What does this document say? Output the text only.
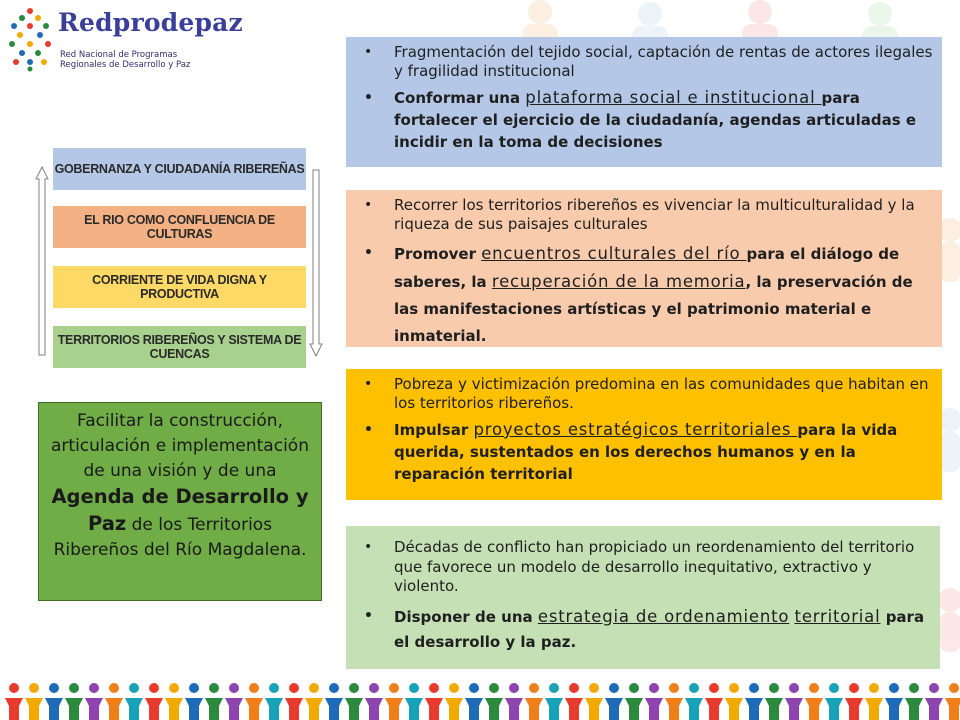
Redprodepaz
Red Nacional de Programas
Regionales de Desarrollo y Paz
GOBERNANZA Y CIUDADANÍA RIBEREÑAS
EL RIO COMO CONFLUENCIA DE CULTURAS
CORRIENTE DE VIDA DIGNA Y PRODUCTIVA
TERRITORIOS RIBEREÑOS Y SISTEMA DE CUENCAS
Facilitar la construcción, articulación e implementación de una visión y de una Agenda de Desarrollo y Paz de los Territorios Ribereños del Río Magdalena.
• Fragmentación del tejido social, captación de rentas de actores ilegales y fragilidad institucional
• Conformar una plataforma social e institucional para fortalecer el ejercicio de la ciudadanía, agendas articuladas e incidir en la toma de decisiones
• Recorrer los territorios ribereños es vivenciar la multiculturalidad y la riqueza de sus paisajes culturales
• Promover encuentros culturales del río para el diálogo de saberes, la recuperación de la memoria, la preservación de las manifestaciones artísticas y el patrimonio material e inmaterial.
• Pobreza y victimización predomina en las comunidades que habitan en los territorios ribereños.
• Impulsar proyectos estratégicos territoriales para la vida querida, sustentados en los derechos humanos y en la reparación territorial
• Décadas de conflicto han propiciado un reordenamiento del territorio que favorece un modelo de desarrollo inequitativo, extractivo y violento.
• Disponer de una estrategia de ordenamiento territorial para el desarrollo y la paz.
